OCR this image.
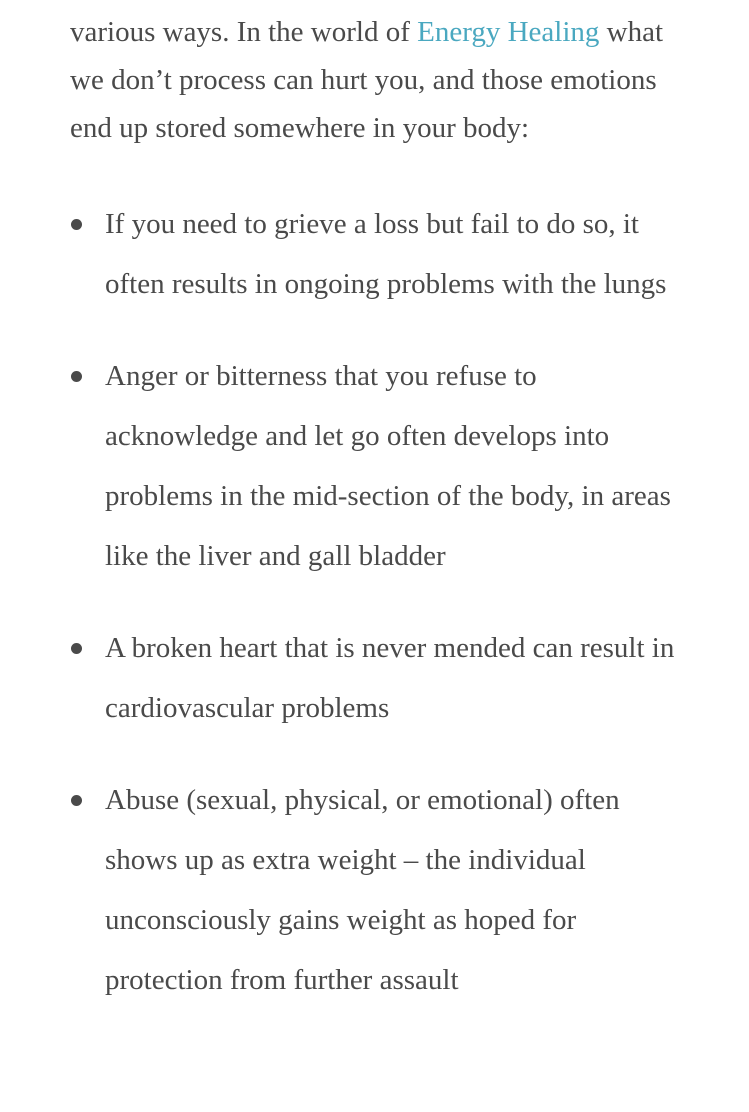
various ways. In the world of Energy Healing what we don’t process can hurt you, and those emotions end up stored somewhere in your body:

If you need to grieve a loss but fail to do so, it often results in ongoing problems with the lungs
Anger or bitterness that you refuse to acknowledge and let go often develops into problems in the mid-section of the body, in areas like the liver and gall bladder
A broken heart that is never mended can result in cardiovascular problems
Abuse (sexual, physical, or emotional) often shows up as extra weight – the individual unconsciously gains weight as hoped for protection from further assault
